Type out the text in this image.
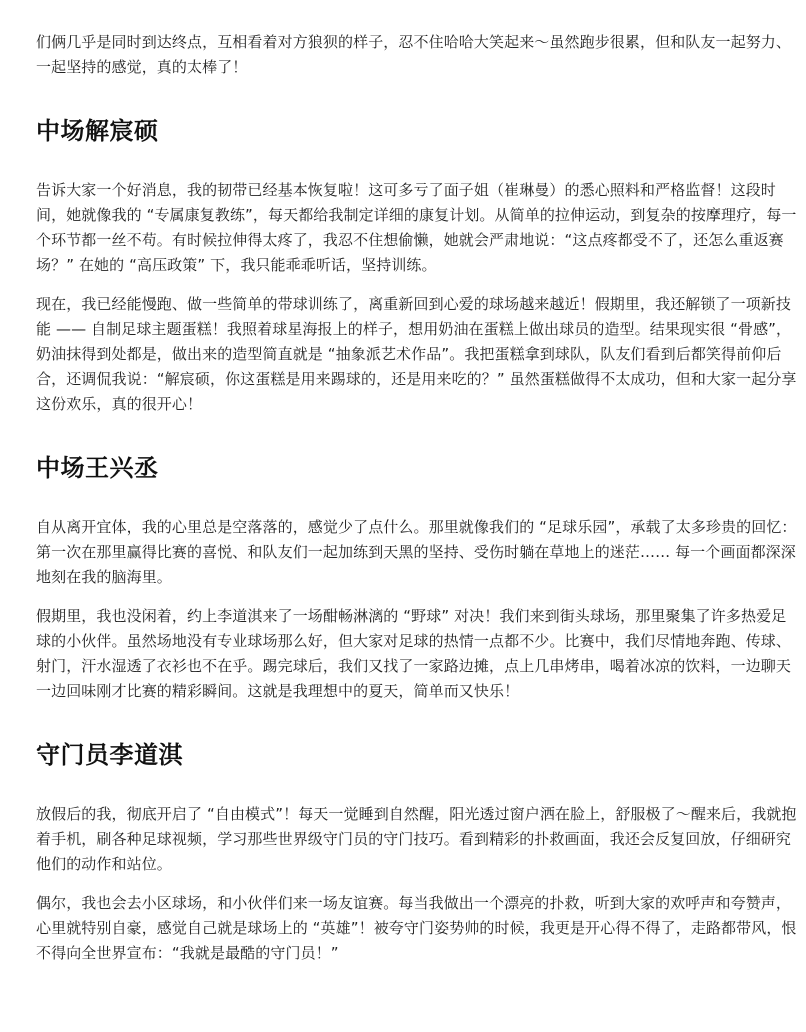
们俩几乎是同时到达终点，互相看着对方狼狈的样子，忍不住哈哈大笑起来～虽然跑步很累，但和队友一起努力、一起坚持的感觉，真的太棒了！

中场解宸硕

告诉大家一个好消息，我的韧带已经基本恢复啦！这可多亏了面子姐（崔琳曼）的悉心照料和严格监督！这段时间，她就像我的 “专属康复教练”，每天都给我制定详细的康复计划。从简单的拉伸运动，到复杂的按摩理疗，每一个环节都一丝不苟。有时候拉伸得太疼了，我忍不住想偷懒，她就会严肃地说：“这点疼都受不了，还怎么重返赛场？” 在她的 “高压政策” 下，我只能乖乖听话，坚持训练。

现在，我已经能慢跑、做一些简单的带球训练了，离重新回到心爱的球场越来越近！假期里，我还解锁了一项新技能 —— 自制足球主题蛋糕！我照着球星海报上的样子，想用奶油在蛋糕上做出球员的造型。结果现实很 “骨感”，奶油抹得到处都是，做出来的造型简直就是 “抽象派艺术作品”。我把蛋糕拿到球队，队友们看到后都笑得前仰后合，还调侃我说：“解宸硕，你这蛋糕是用来踢球的，还是用来吃的？” 虽然蛋糕做得不太成功，但和大家一起分享这份欢乐，真的很开心！

中场王兴丞

自从离开宜体，我的心里总是空落落的，感觉少了点什么。那里就像我们的 “足球乐园”，承载了太多珍贵的回忆：第一次在那里赢得比赛的喜悦、和队友们一起加练到天黑的坚持、受伤时躺在草地上的迷茫…… 每一个画面都深深地刻在我的脑海里。

假期里，我也没闲着，约上李道淇来了一场酣畅淋漓的 “野球” 对决！我们来到街头球场，那里聚集了许多热爱足球的小伙伴。虽然场地没有专业球场那么好，但大家对足球的热情一点都不少。比赛中，我们尽情地奔跑、传球、射门，汗水湿透了衣衫也不在乎。踢完球后，我们又找了一家路边摊，点上几串烤串，喝着冰凉的饮料，一边聊天一边回味刚才比赛的精彩瞬间。这就是我理想中的夏天，简单而又快乐！

守门员李道淇

放假后的我，彻底开启了 “自由模式”！每天一觉睡到自然醒，阳光透过窗户洒在脸上，舒服极了～醒来后，我就抱着手机，刷各种足球视频，学习那些世界级守门员的守门技巧。看到精彩的扑救画面，我还会反复回放，仔细研究他们的动作和站位。

偶尔，我也会去小区球场，和小伙伴们来一场友谊赛。每当我做出一个漂亮的扑救，听到大家的欢呼声和夸赞声，心里就特别自豪，感觉自己就是球场上的 “英雄”！被夸守门姿势帅的时候，我更是开心得不得了，走路都带风，恨不得向全世界宣布：“我就是最酷的守门员！”
